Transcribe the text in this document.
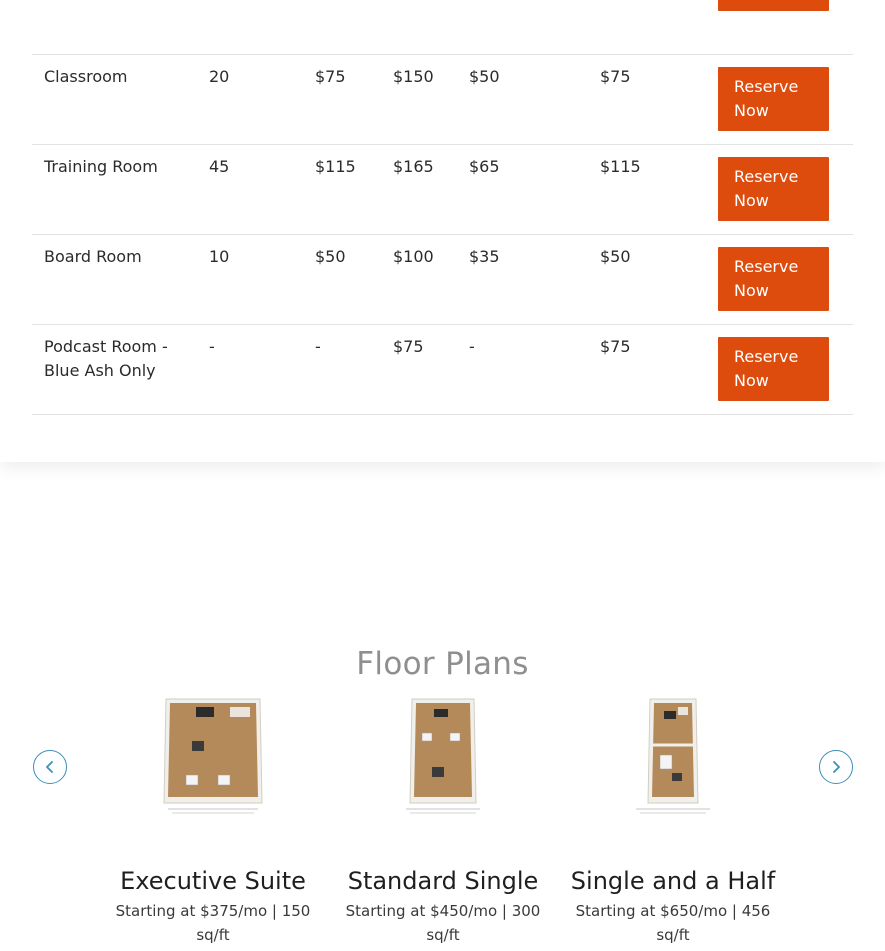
Classroom	20	$75	$150	$50	$75	Reserve Now

Training Room	45	$115	$165	$65	$115	Reserve Now

Board Room	10	$50	$100	$35	$50	Reserve Now

Podcast Room - Blue Ash Only	-	-	$75	-	$75	Reserve Now
Floor Plans
Executive Suite
Starting at $375/mo | 150 sq/ft
Standard Single
Starting at $450/mo | 300 sq/ft
Single and a Half
Starting at $650/mo | 456 sq/ft
